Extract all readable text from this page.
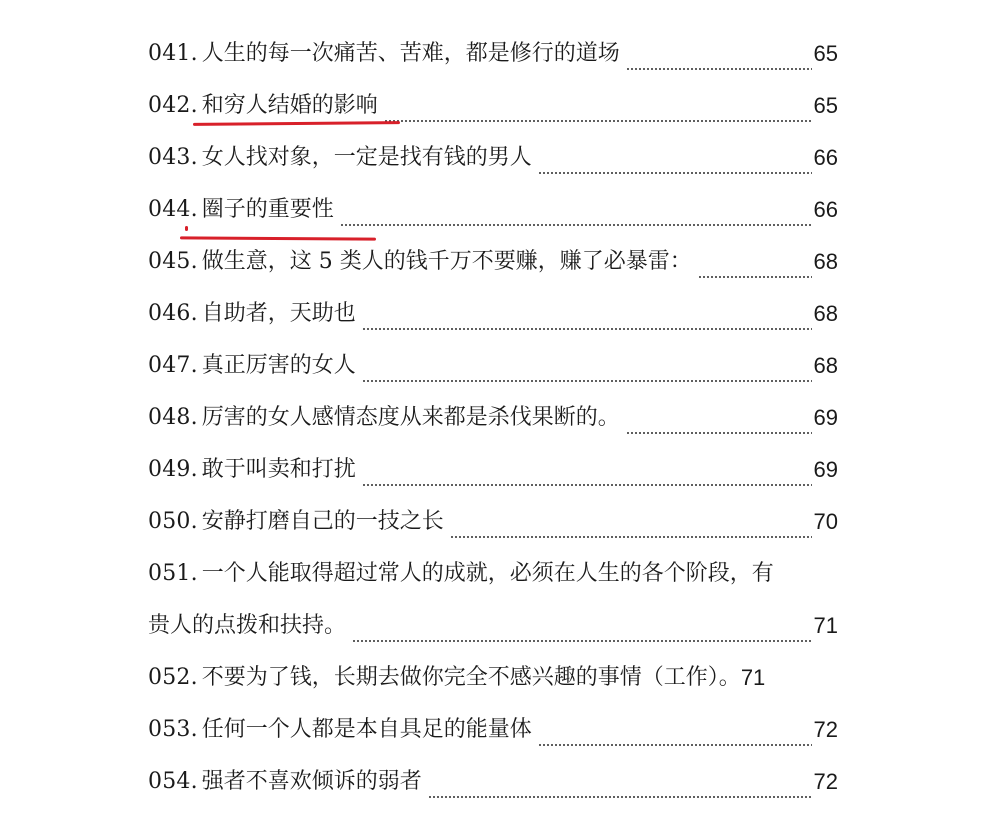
041. 人生的每一次痛苦、苦难，都是修行的道场	65
042. 和穷人结婚的影响	65
043. 女人找对象，一定是找有钱的男人	66
044. 圈子的重要性	66
045. 做生意，这 5 类人的钱千万不要赚，赚了必暴雷：	68
046. 自助者，天助也	68
047. 真正厉害的女人	68
048. 厉害的女人感情态度从来都是杀伐果断的。	69
049. 敢于叫卖和打扰	69
050. 安静打磨自己的一技之长	70
051. 一个人能取得超过常人的成就，必须在人生的各个阶段，有
贵人的点拨和扶持。	71
052. 不要为了钱，长期去做你完全不感兴趣的事情（工作）。 71
053. 任何一个人都是本自具足的能量体	72
054. 强者不喜欢倾诉的弱者	72
